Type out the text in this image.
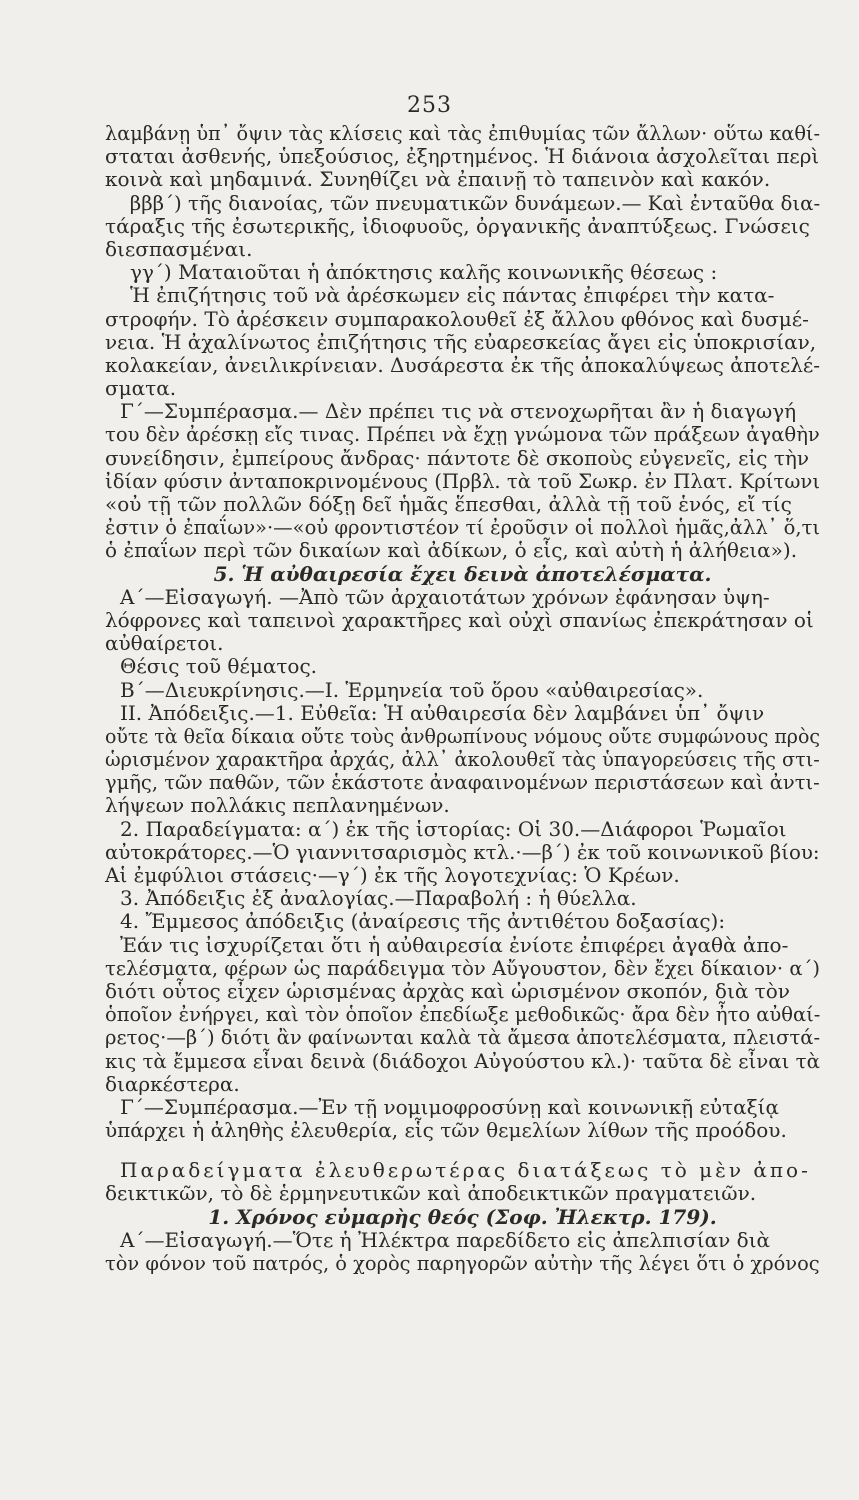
253
λαμβάνῃ ὑπ᾽ ὄψιν τὰς κλίσεις καὶ τὰς ἐπιθυμίας τῶν ἄλλων· οὕτω καθί-
σταται ἀσθενής, ὑπεξούσιος, ἐξηρτημένος. Ἡ διάνοια ἀσχολεῖται περὶ
κοινὰ καὶ μηδαμινά. Συνηθίζει νὰ ἐπαινῇ τὸ ταπεινὸν καὶ κακόν.
βββ΄) τῆς διανοίας, τῶν πνευματικῶν δυνάμεων.— Καὶ ἐνταῦθα δια-
τάραξις τῆς ἐσωτερικῆς, ἰδιοφυοῦς, ὀργανικῆς ἀναπτύξεως. Γνώσεις
διεσπασμέναι.
γγ΄) Ματαιοῦται ἡ ἀπόκτησις καλῆς κοινωνικῆς θέσεως :
Ἡ ἐπιζήτησις τοῦ νὰ ἀρέσκωμεν εἰς πάντας ἐπιφέρει τὴν κατα-
στροφήν. Τὸ ἀρέσκειν συμπαρακολουθεῖ ἐξ ἄλλου φθόνος καὶ δυσμέ-
νεια. Ἡ ἀχαλίνωτος ἐπιζήτησις τῆς εὐαρεσκείας ἄγει εἰς ὑποκρισίαν,
κολακείαν, ἀνειλικρίνειαν. Δυσάρεστα ἐκ τῆς ἀποκαλύψεως ἀποτελέ-
σματα.
Γ΄—Συμπέρασμα.— Δὲν πρέπει τις νὰ στενοχωρῆται ἂν ἡ διαγωγή
του δὲν ἀρέσκῃ εἴς τινας. Πρέπει νὰ ἔχῃ γνώμονα τῶν πράξεων ἀγαθὴν
συνείδησιν, ἐμπείρους ἄνδρας· πάντοτε δὲ σκοποὺς εὐγενεῖς, εἰς τὴν
ἰδίαν φύσιν ἀνταποκρινομένους (Πρβλ. τὰ τοῦ Σωκρ. ἐν Πλατ. Κρίτωνι
«οὐ τῇ τῶν πολλῶν δόξῃ δεῖ ἡμᾶς ἕπεσθαι, ἀλλὰ τῇ τοῦ ἑνός, εἴ τίς
ἐστιν ὁ ἐπαΐων»·—«οὐ φροντιστέον τί ἐροῦσιν οἱ πολλοὶ ἡμᾶς,ἀλλ᾽ ὅ,τι
ὁ ἐπαΐων περὶ τῶν δικαίων καὶ ἀδίκων, ὁ εἷς, καὶ αὐτὴ ἡ ἀλήθεια»).
5. Ἡ αὐθαιρεσία ἔχει δεινὰ ἀποτελέσματα.
Α΄—Εἰσαγωγή. —Ἀπὸ τῶν ἀρχαιοτάτων χρόνων ἐφάνησαν ὑψη-
λόφρονες καὶ ταπεινοὶ χαρακτῆρες καὶ οὐχὶ σπανίως ἐπεκράτησαν οἱ
αὐθαίρετοι.
Θέσις τοῦ θέματος.
Β΄—Διευκρίνησις.—Ι. Ἑρμηνεία τοῦ ὅρου «αὐθαιρεσίας».
ΙΙ. Ἀπόδειξις.—1. Εὐθεῖα: Ἡ αὐθαιρεσία δὲν λαμβάνει ὑπ᾽ ὄψιν
οὔτε τὰ θεῖα δίκαια οὔτε τοὺς ἀνθρωπίνους νόμους οὔτε συμφώνους πρὸς
ὡρισμένον χαρακτῆρα ἀρχάς, ἀλλ᾽ ἀκολουθεῖ τὰς ὑπαγορεύσεις τῆς στι-
γμῆς, τῶν παθῶν, τῶν ἑκάστοτε ἀναφαινομένων περιστάσεων καὶ ἀντι-
λήψεων πολλάκις πεπλανημένων.
2. Παραδείγματα: α΄) ἐκ τῆς ἱστορίας: Οἱ 30.—Διάφοροι Ῥωμαῖοι
αὐτοκράτορες.—Ὁ γιαννιτσαρισμὸς κτλ.·—β΄) ἐκ τοῦ κοινωνικοῦ βίου:
Αἱ ἐμφύλιοι στάσεις·—γ΄) ἐκ τῆς λογοτεχνίας: Ὁ Κρέων.
3. Ἀπόδειξις ἐξ ἀναλογίας.—Παραβολή : ἡ θύελλα.
4. Ἔμμεσος ἀπόδειξις (ἀναίρεσις τῆς ἀντιθέτου δοξασίας):
Ἐάν τις ἰσχυρίζεται ὅτι ἡ αὐθαιρεσία ἐνίοτε ἐπιφέρει ἀγαθὰ ἀπο-
τελέσματα, φέρων ὡς παράδειγμα τὸν Αὔγουστον, δὲν ἔχει δίκαιον· α΄)
διότι οὗτος εἶχεν ὡρισμένας ἀρχὰς καὶ ὡρισμένον σκοπόν, διὰ τὸν
ὁποῖον ἐνήργει, καὶ τὸν ὁποῖον ἐπεδίωξε μεθοδικῶς· ἄρα δὲν ἦτο αὐθαί-
ρετος·—β΄) διότι ἂν φαίνωνται καλὰ τὰ ἄμεσα ἀποτελέσματα, πλειστά-
κις τὰ ἔμμεσα εἶναι δεινὰ (διάδοχοι Αὐγούστου κλ.)· ταῦτα δὲ εἶναι τὰ
διαρκέστερα.
Γ΄—Συμπέρασμα.—Ἐν τῇ νομιμοφροσύνῃ καὶ κοινωνικῇ εὐταξίᾳ
ὑπάρχει ἡ ἀληθὴς ἐλευθερία, εἷς τῶν θεμελίων λίθων τῆς προόδου.
Παραδείγματα ἐλευθερωτέρας διατάξεως τὸ μὲν ἀπο-
δεικτικῶν, τὸ δὲ ἑρμηνευτικῶν καὶ ἀποδεικτικῶν πραγματειῶν.
1. Χρόνος εὐμαρὴς θεός (Σοφ. Ἠλεκτρ. 179).
Α΄—Εἰσαγωγή.—Ὅτε ἡ Ἠλέκτρα παρεδίδετο εἰς ἀπελπισίαν διὰ
τὸν φόνον τοῦ πατρός, ὁ χορὸς παρηγορῶν αὐτὴν τῆς λέγει ὅτι ὁ χρόνος
